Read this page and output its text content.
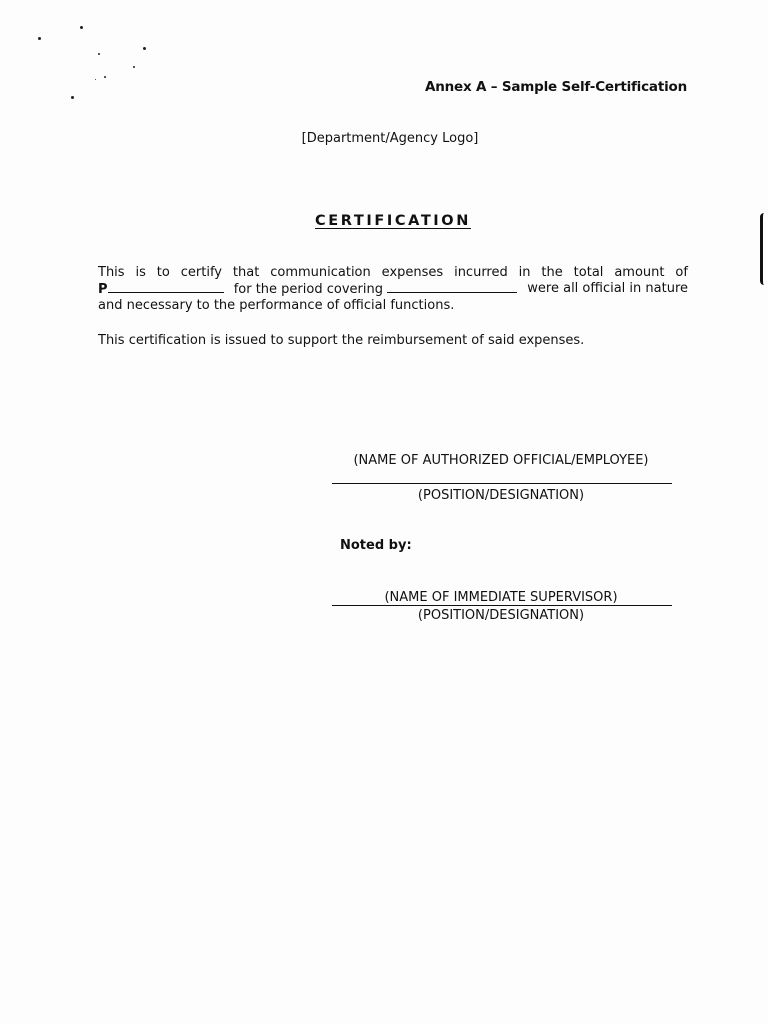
Annex A – Sample Self-Certification
[Department/Agency Logo]
CERTIFICATION
This is to certify that communication expenses incurred in the total amount of
P	for the period covering	were all official in nature
and necessary to the performance of official functions.
This certification is issued to support the reimbursement of said expenses.
(NAME OF AUTHORIZED OFFICIAL/EMPLOYEE)
(POSITION/DESIGNATION)
Noted by:
(NAME OF IMMEDIATE SUPERVISOR)
(POSITION/DESIGNATION)
